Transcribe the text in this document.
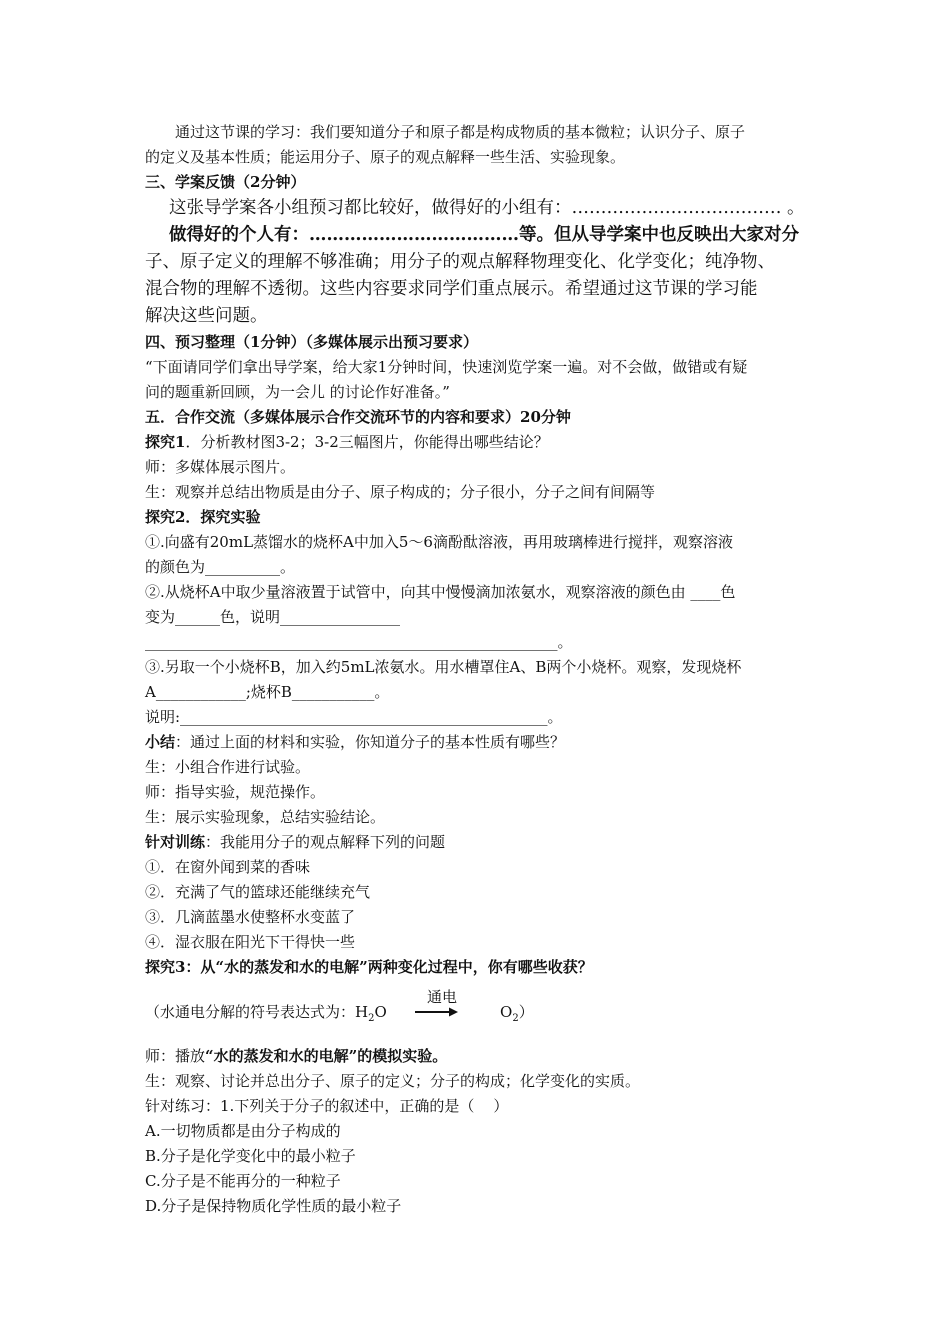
通过这节课的学习：我们要知道分子和原子都是构成物质的基本微粒；认识分子、原子

的定义及基本性质；能运用分子、原子的观点解释一些生活、实验现象。

三、学案反馈（2分钟）

这张导学案各小组预习都比较好，做得好的小组有：……………………………… 。

做得好的个人有：………………………………等。但从导学案中也反映出大家对分

子、原子定义的理解不够准确；用分子的观点解释物理变化、化学变化；纯净物、

混合物的理解不透彻。这些内容要求同学们重点展示。希望通过这节课的学习能

解决这些问题。

四、预习整理（1分钟）（多媒体展示出预习要求）

“下面请同学们拿出导学案，给大家1分钟时间，快速浏览学案一遍。对不会做，做错或有疑

问的题重新回顾，为一会儿 的讨论作好准备。”

五．合作交流（多媒体展示合作交流环节的内容和要求）20分钟

探究1．分析教材图3-2；3-2三幅图片，你能得出哪些结论？

师：多媒体展示图片。

生：观察并总结出物质是由分子、原子构成的；分子很小，分子之间有间隔等

探究2．探究实验

①.向盛有20mL蒸馏水的烧杯A中加入5～6滴酚酞溶液，再用玻璃棒进行搅拌，观察溶液

的颜色为__________。

②.从烧杯A中取少量溶液置于试管中，向其中慢慢滴加浓氨水，观察溶液的颜色由 ____色

变为______色，说明________________

_______________________________________________________。

③.另取一个小烧杯B，加入约5mL浓氨水。用水槽罩住A、B两个小烧杯。观察，发现烧杯

A____________;烧杯B___________。

说明:_________________________________________________。

小结：通过上面的材料和实验，你知道分子的基本性质有哪些？

生：小组合作进行试验。

师：指导实验，规范操作。

生：展示实验现象，总结实验结论。

针对训练：我能用分子的观点解释下列的问题

①．在窗外闻到菜的香味

②．充满了气的篮球还能继续充气

③．几滴蓝墨水使整杯水变蓝了

④．湿衣服在阳光下干得快一些

探究3：从“水的蒸发和水的电解”两种变化过程中，你有哪些收获？

（水通电分解的符号表达式为：$H_2O$
通电
$O_2$）

师：播放“水的蒸发和水的电解”的模拟实验。

生：观察、讨论并总出分子、原子的定义；分子的构成；化学变化的实质。

针对练习：1.下列关于分子的叙述中，正确的是（    ）

A.一切物质都是由分子构成的

B.分子是化学变化中的最小粒子

C.分子是不能再分的一种粒子

D.分子是保持物质化学性质的最小粒子
